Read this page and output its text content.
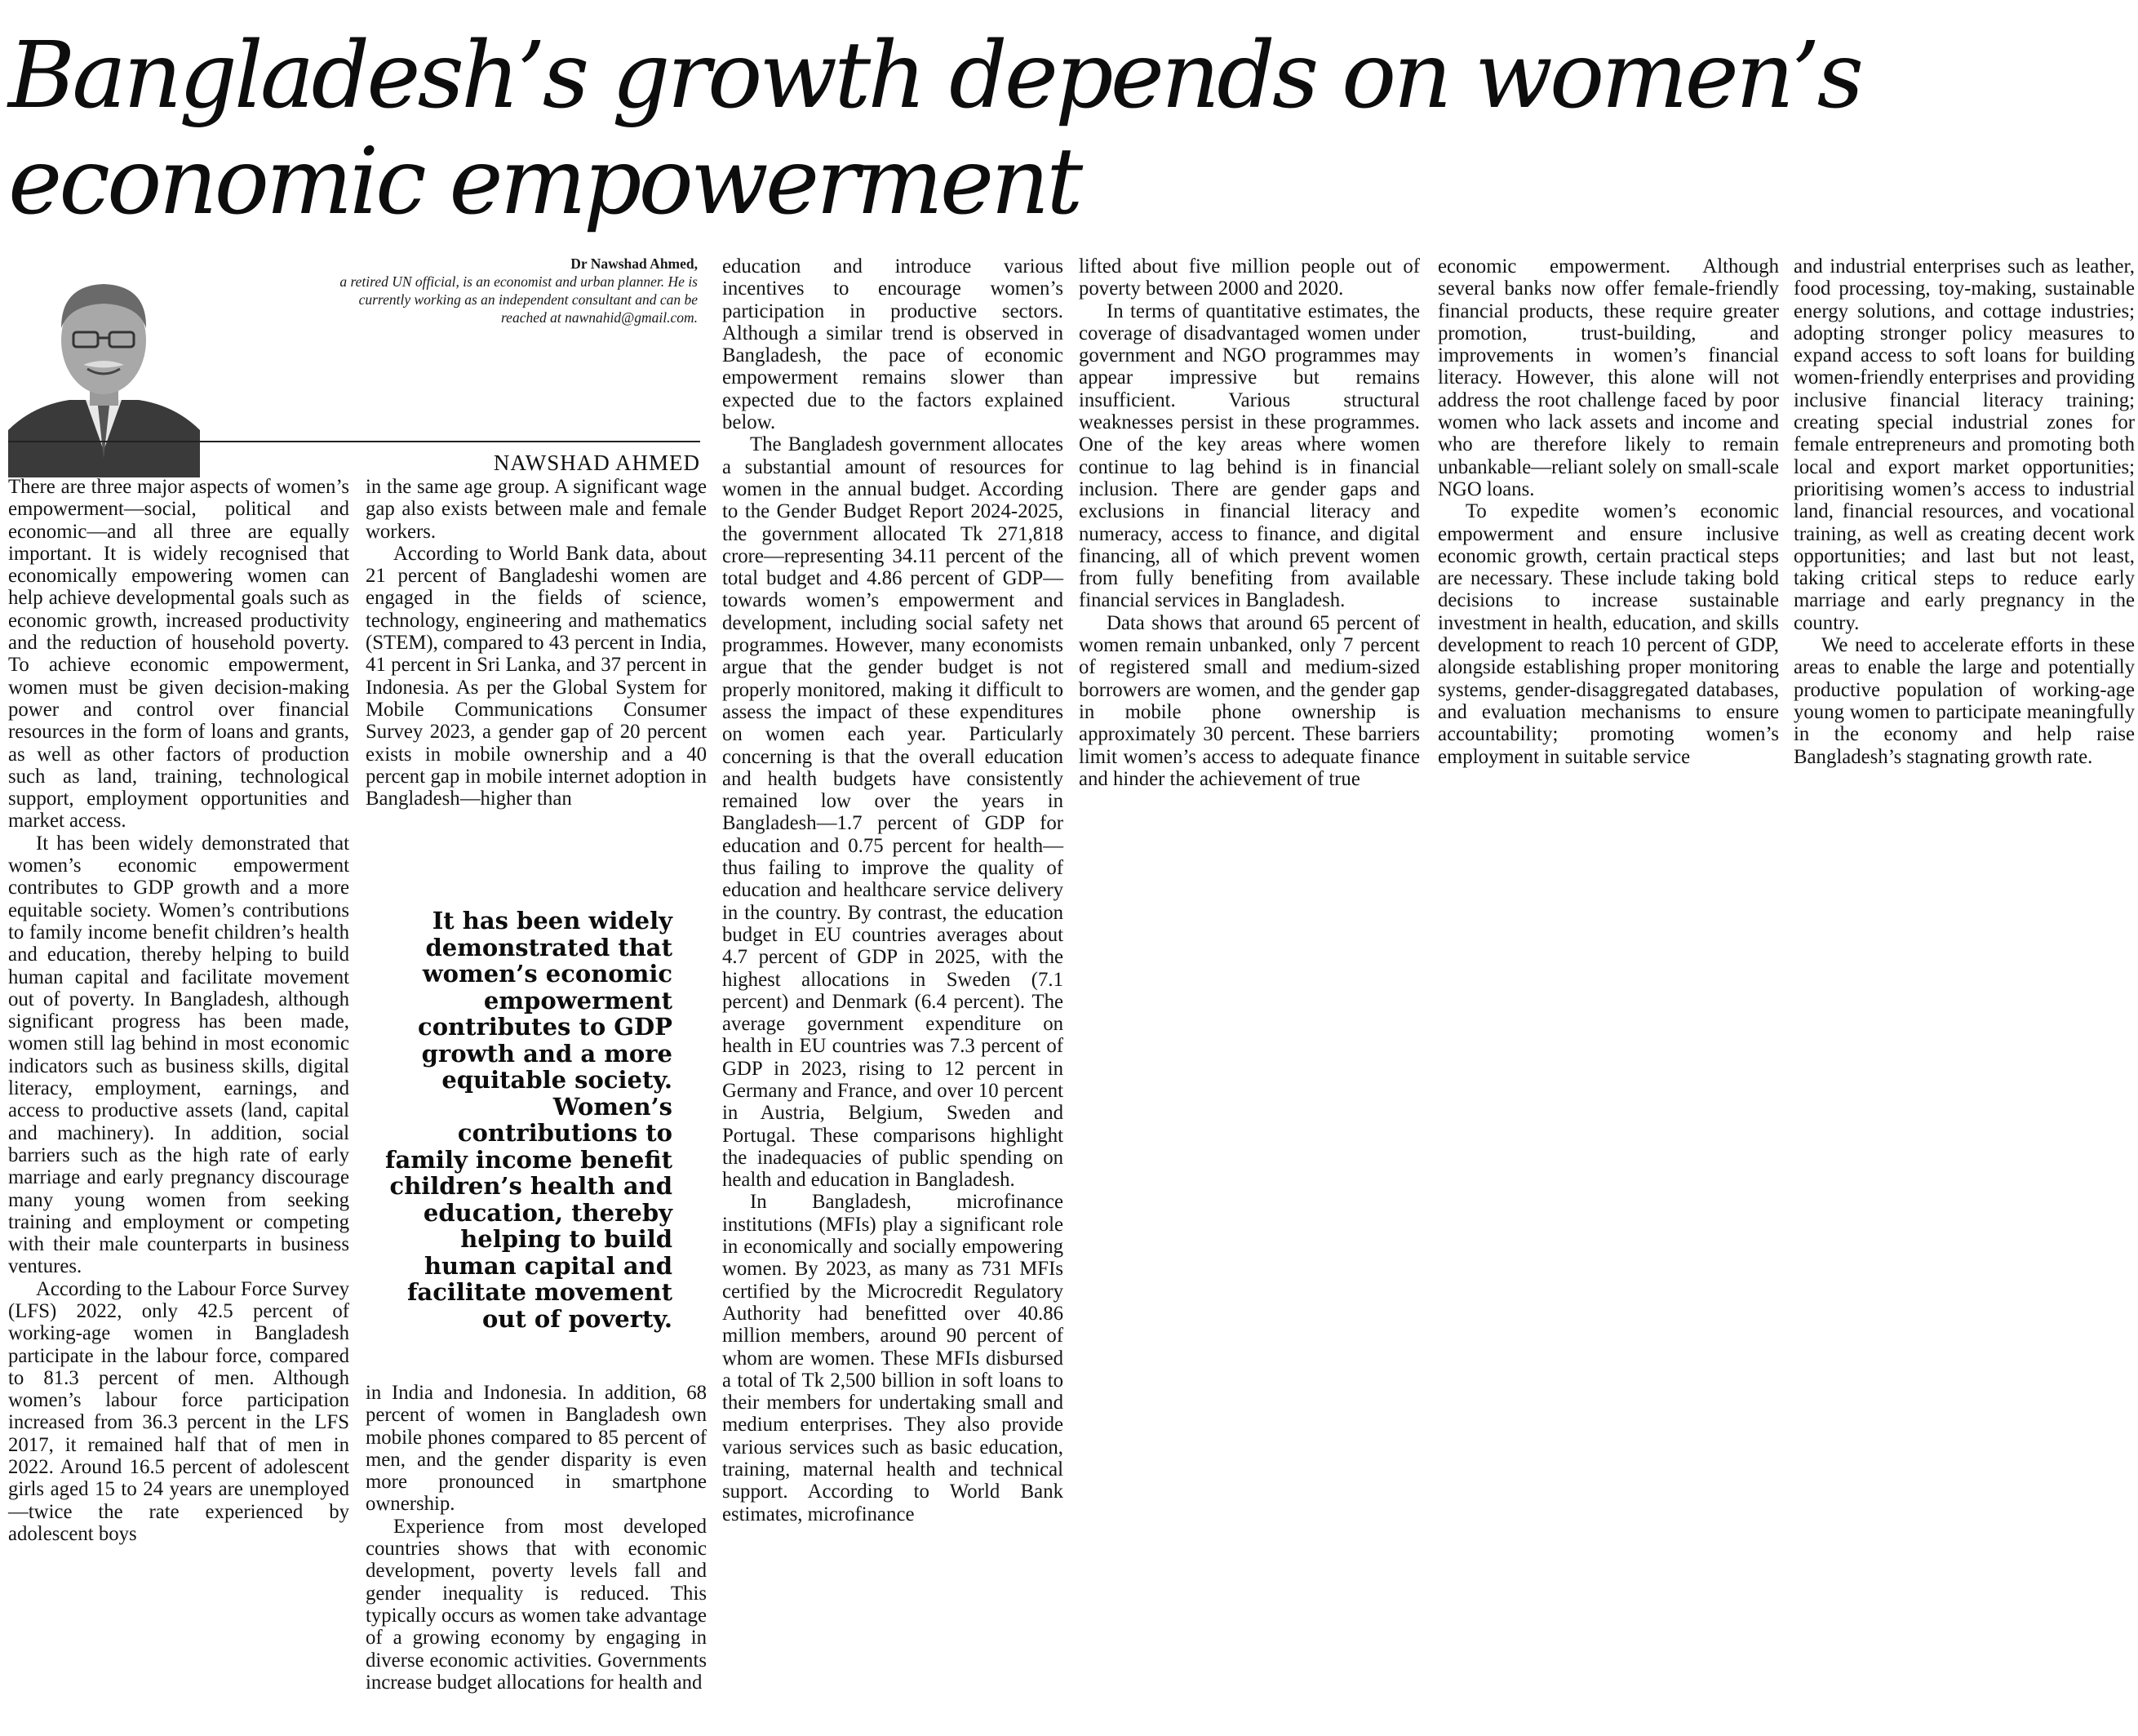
Bangladesh’s growth depends on women’s economic empowerment
Dr Nawshad Ahmed,
a retired UN official, is an economist and urban planner. He is currently working as an independent consultant and can be reached at nawnahid@gmail.com.
NAWSHAD AHMED

There are three major aspects of women’s empowerment—social, political and economic—and all three are equally important. It is widely recognised that economically empowering women can help achieve developmental goals such as economic growth, increased productivity and the reduction of household poverty. To achieve economic empowerment, women must be given decision-making power and control over financial resources in the form of loans and grants, as well as other factors of production such as land, training, technological support, employment opportunities and market access.

It has been widely demonstrated that women’s economic empowerment contributes to GDP growth and a more equitable society. Women’s contributions to family income benefit children’s health and education, thereby helping to build human capital and facilitate movement out of poverty. In Bangladesh, although significant progress has been made, women still lag behind in most economic indicators such as business skills, digital literacy, employment, earnings, and access to productive assets (land, capital and machinery). In addition, social barriers such as the high rate of early marriage and early pregnancy discourage many young women from seeking training and employment or competing with their male counterparts in business ventures.

According to the Labour Force Survey (LFS) 2022, only 42.5 percent of working-age women in Bangladesh participate in the labour force, compared to 81.3 percent of men. Although women’s labour force participation increased from 36.3 percent in the LFS 2017, it remained half that of men in 2022. Around 16.5 percent of adolescent girls aged 15 to 24 years are unemployed—twice the rate experienced by adolescent boys

in the same age group. A significant wage gap also exists between male and female workers.

According to World Bank data, about 21 percent of Bangladeshi women are engaged in the fields of science, technology, engineering and mathematics (STEM), compared to 43 percent in India, 41 percent in Sri Lanka, and 37 percent in Indonesia. As per the Global System for Mobile Communications Consumer Survey 2023, a gender gap of 20 percent exists in mobile ownership and a 40 percent gap in mobile internet adoption in Bangladesh—higher than

It has been widely demonstrated that women’s economic empowerment contributes to GDP growth and a more equitable society. Women’s contributions to family income benefit children’s health and education, thereby helping to build human capital and facilitate movement out of poverty.

in India and Indonesia. In addition, 68 percent of women in Bangladesh own mobile phones compared to 85 percent of men, and the gender disparity is even more pronounced in smartphone ownership.

Experience from most developed countries shows that with economic development, poverty levels fall and gender inequality is reduced. This typically occurs as women take advantage of a growing economy by engaging in diverse economic activities. Governments increase budget allocations for health and

education and introduce various incentives to encourage women’s participation in productive sectors. Although a similar trend is observed in Bangladesh, the pace of economic empowerment remains slower than expected due to the factors explained below.

The Bangladesh government allocates a substantial amount of resources for women in the annual budget. According to the Gender Budget Report 2024-2025, the government allocated Tk 271,818 crore—representing 34.11 percent of the total budget and 4.86 percent of GDP—towards women’s empowerment and development, including social safety net programmes. However, many economists argue that the gender budget is not properly monitored, making it difficult to assess the impact of these expenditures on women each year. Particularly concerning is that the overall education and health budgets have consistently remained low over the years in Bangladesh—1.7 percent of GDP for education and 0.75 percent for health—thus failing to improve the quality of education and healthcare service delivery in the country. By contrast, the education budget in EU countries averages about 4.7 percent of GDP in 2025, with the highest allocations in Sweden (7.1 percent) and Denmark (6.4 percent). The average government expenditure on health in EU countries was 7.3 percent of GDP in 2023, rising to 12 percent in Germany and France, and over 10 percent in Austria, Belgium, Sweden and Portugal. These comparisons highlight the inadequacies of public spending on health and education in Bangladesh.

In Bangladesh, microfinance institutions (MFIs) play a significant role in economically and socially empowering women. By 2023, as many as 731 MFIs certified by the Microcredit Regulatory Authority had benefitted over 40.86 million members, around 90 percent of whom are women. These MFIs disbursed a total of Tk 2,500 billion in soft loans to their members for undertaking small and medium enterprises. They also provide various services such as basic education, training, maternal health and technical support. According to World Bank estimates, microfinance

lifted about five million people out of poverty between 2000 and 2020.

In terms of quantitative estimates, the coverage of disadvantaged women under government and NGO programmes may appear impressive but remains insufficient. Various structural weaknesses persist in these programmes. One of the key areas where women continue to lag behind is in financial inclusion. There are gender gaps and exclusions in financial literacy and numeracy, access to finance, and digital financing, all of which prevent women from fully benefiting from available financial services in Bangladesh.

Data shows that around 65 percent of women remain unbanked, only 7 percent of registered small and medium-sized borrowers are women, and the gender gap in mobile phone ownership is approximately 30 percent. These barriers limit women’s access to adequate finance and hinder the achievement of true

economic empowerment. Although several banks now offer female-friendly financial products, these require greater promotion, trust-building, and improvements in women’s financial literacy. However, this alone will not address the root challenge faced by poor women who lack assets and income and who are therefore likely to remain unbankable—reliant solely on small-scale NGO loans.

To expedite women’s economic empowerment and ensure inclusive economic growth, certain practical steps are necessary. These include taking bold decisions to increase sustainable investment in health, education, and skills development to reach 10 percent of GDP, alongside establishing proper monitoring systems, gender-disaggregated databases, and evaluation mechanisms to ensure accountability; promoting women’s employment in suitable service

and industrial enterprises such as leather, food processing, toy-making, sustainable energy solutions, and cottage industries; adopting stronger policy measures to expand access to soft loans for building women-friendly enterprises and providing inclusive financial literacy training; creating special industrial zones for female entrepreneurs and promoting both local and export market opportunities; prioritising women’s access to industrial land, financial resources, and vocational training, as well as creating decent work opportunities; and last but not least, taking critical steps to reduce early marriage and early pregnancy in the country.

We need to accelerate efforts in these areas to enable the large and potentially productive population of working-age young women to participate meaningfully in the economy and help raise Bangladesh’s stagnating growth rate.
